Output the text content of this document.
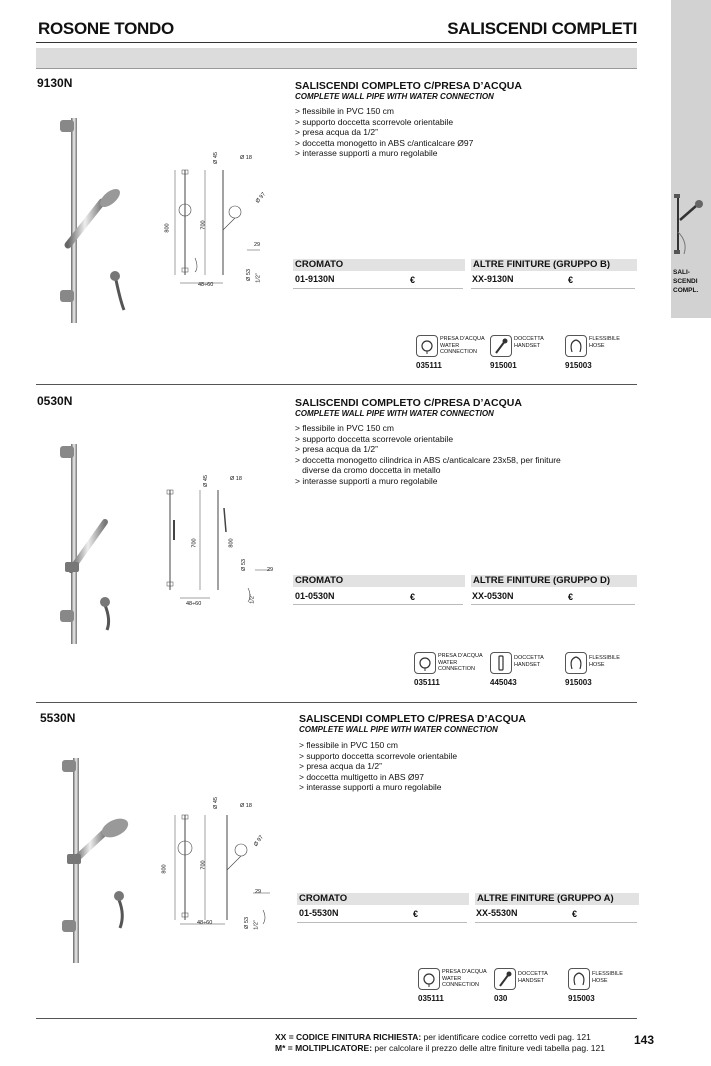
ROSONE TONDO	SALISCENDI COMPLETI
SALI-
SCENDI
COMPL.
9130N
Ø 45	Ø 18
Ø 97
800	700
29
Ø 53 1/2”
48÷60
SALISCENDI COMPLETO C/PRESA D’ACQUA
COMPLETE WALL PIPE WITH WATER CONNECTION
> flessibile in PVC 150 cm
> supporto doccetta scorrevole orientabile
> presa acqua da 1/2”
> doccetta monogetto in ABS c/anticalcare Ø97
> interasse supporti a muro regolabile
CROMATO	ALTRE FINITURE (GRUPPO B)
01-9130N	€	XX-9130N	€
PRESA D’ACQUA
WATER
CONNECTION
035111
DOCCETTA
HANDSET
915001
FLESSIBILE
HOSE
915003
0530N
Ø 45	Ø 18
700	800
Ø 53	29
1/2”
48÷60
SALISCENDI COMPLETO C/PRESA D’ACQUA
COMPLETE WALL PIPE WITH WATER CONNECTION
> flessibile in PVC 150 cm
> supporto doccetta scorrevole orientabile
> presa acqua da 1/2”
> doccetta monogetto cilindrica in ABS c/anticalcare 23x58, per finiture
diverse da cromo doccetta in metallo
> interasse supporti a muro regolabile
CROMATO	ALTRE FINITURE (GRUPPO D)
01-0530N	€	XX-0530N	€
PRESA D’ACQUA
WATER
CONNECTION
035111
DOCCETTA
HANDSET
445043
FLESSIBILE
HOSE
915003
5530N
Ø 45	Ø 18
Ø 97
800	700
29
Ø 53 1/2”
48÷60
SALISCENDI COMPLETO C/PRESA D’ACQUA
COMPLETE WALL PIPE WITH WATER CONNECTION
> flessibile in PVC 150 cm
> supporto doccetta scorrevole orientabile
> presa acqua da 1/2”
> doccetta multigetto in ABS Ø97
> interasse supporti a muro regolabile
CROMATO	ALTRE FINITURE (GRUPPO A)
01-5530N	€	XX-5530N	€
PRESA D’ACQUA
WATER
CONNECTION
035111
DOCCETTA
HANDSET
030
FLESSIBILE
HOSE
915003
XX = CODICE FINITURA RICHIESTA: per identificare codice corretto vedi pag. 121
M* = MOLTIPLICATORE: per calcolare il prezzo delle altre finiture vedi tabella pag. 121
143
